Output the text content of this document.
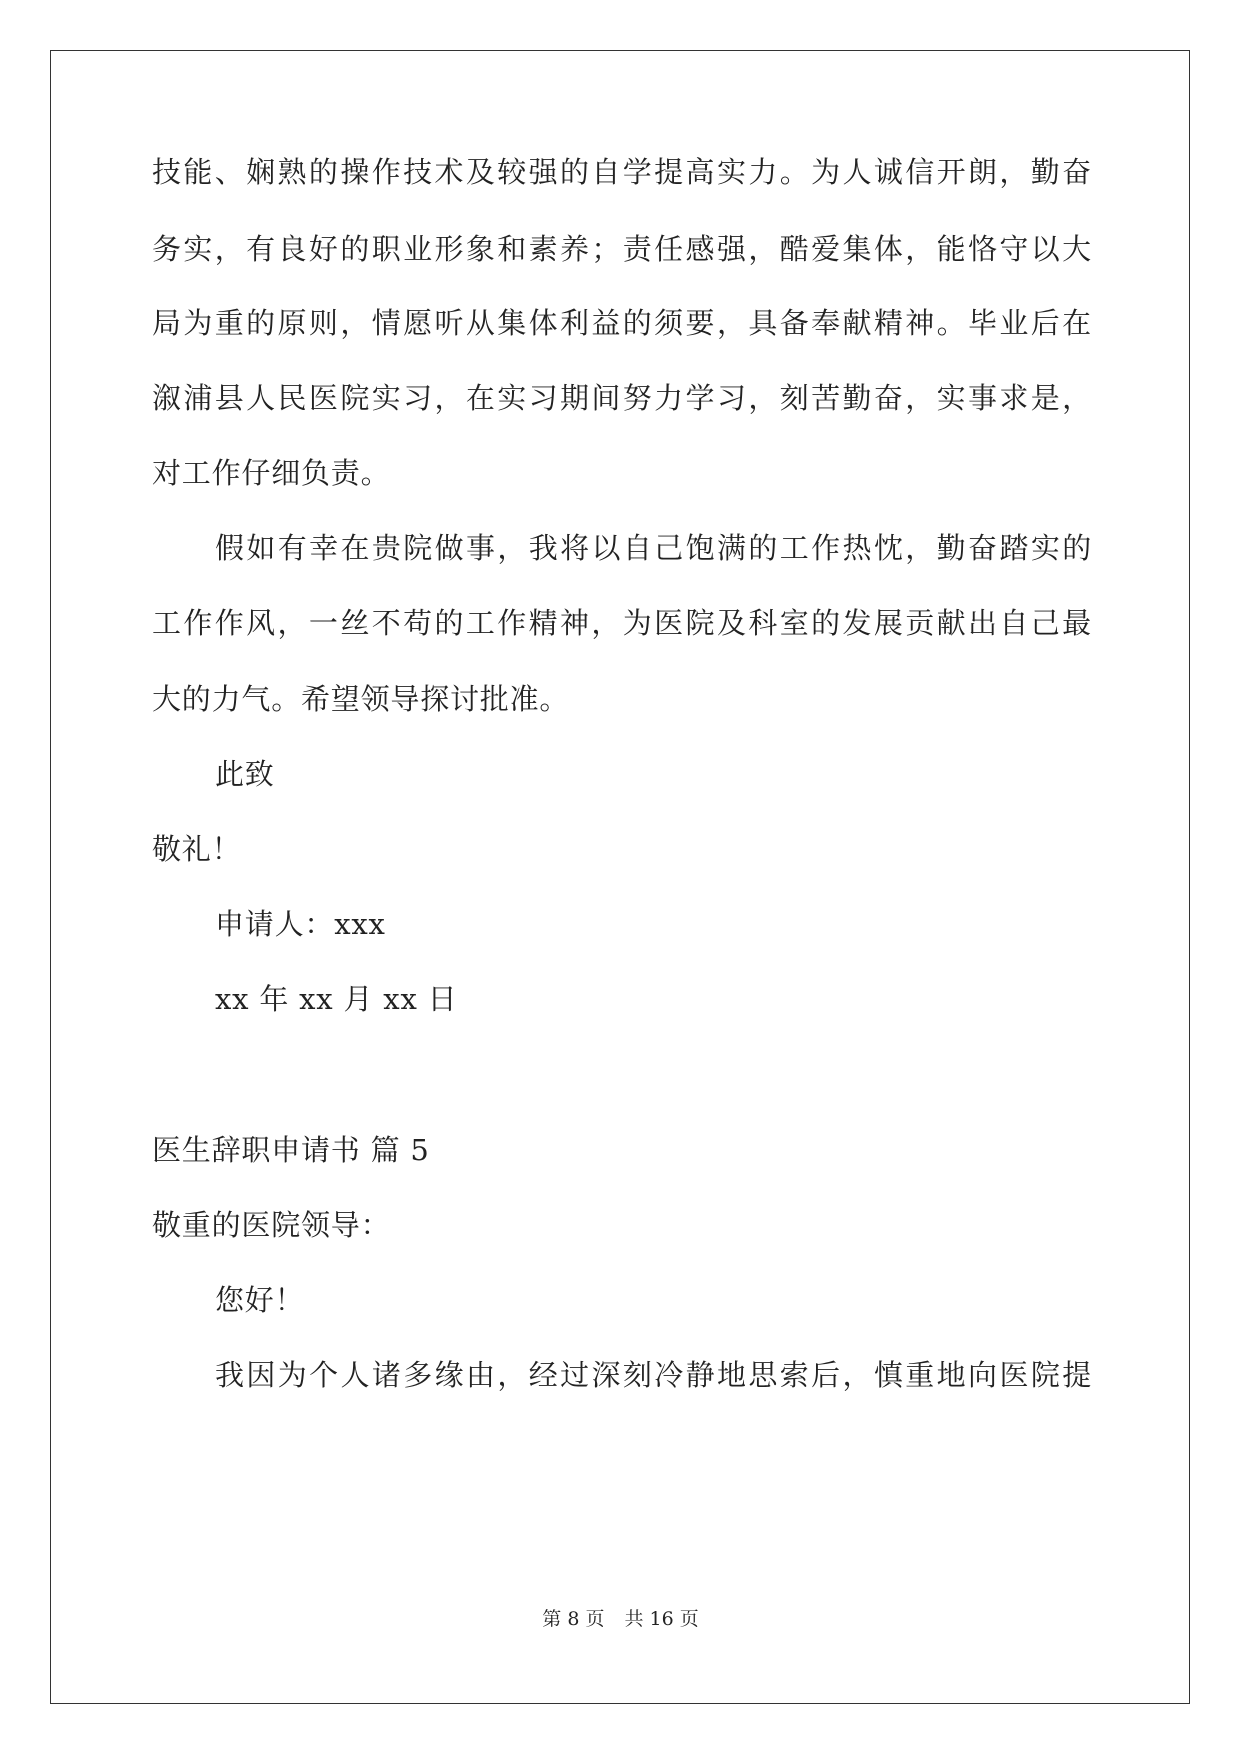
技能、娴熟的操作技术及较强的自学提高实力。为人诚信开朗，勤奋
务实，有良好的职业形象和素养；责任感强，酷爱集体，能恪守以大
局为重的原则，情愿听从集体利益的须要，具备奉献精神。毕业后在
溆浦县人民医院实习，在实习期间努力学习，刻苦勤奋，实事求是，
对工作仔细负责。
假如有幸在贵院做事，我将以自己饱满的工作热忱，勤奋踏实的
工作作风，一丝不苟的工作精神，为医院及科室的发展贡献出自己最
大的力气。希望领导探讨批准。
此致
敬礼！
申请人：xxx
xx 年 xx 月 xx 日
医生辞职申请书 篇 5
敬重的医院领导：
您好！
我因为个人诸多缘由，经过深刻冷静地思索后，慎重地向医院提
第 8 页 共 16 页
